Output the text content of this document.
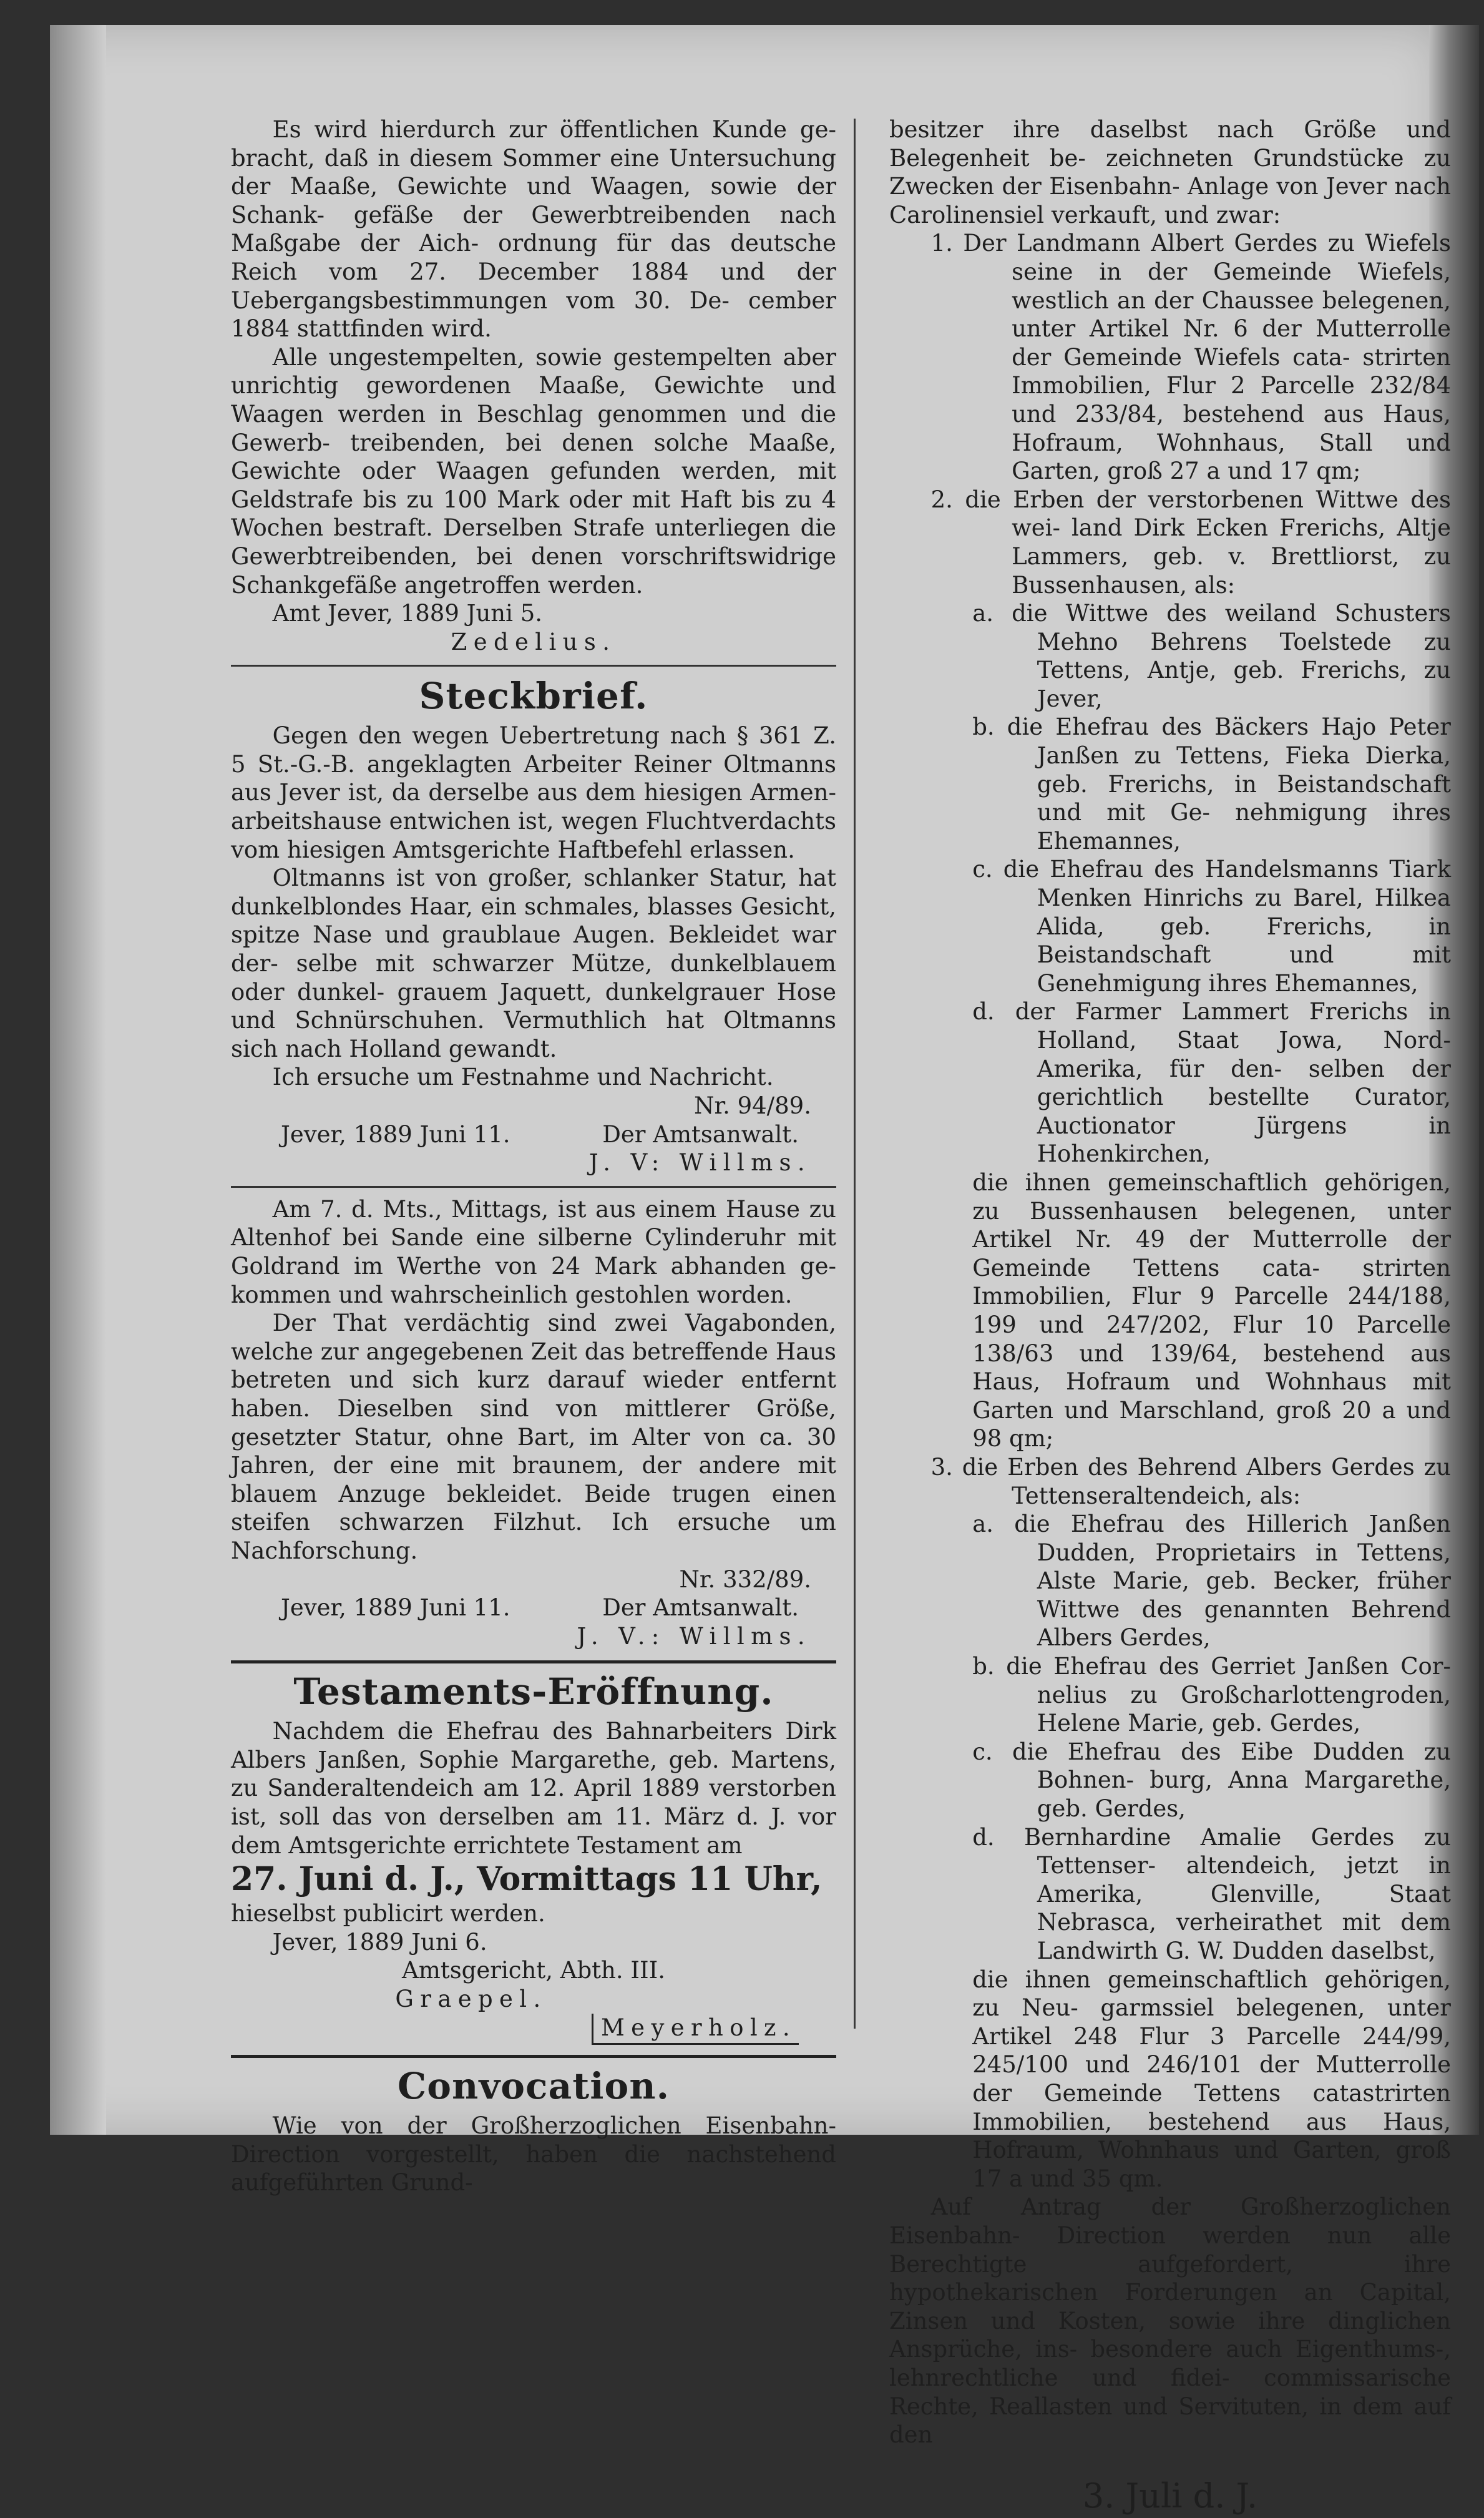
Es wird hierdurch zur öffentlichen Kunde ge- bracht, daß in diesem Sommer eine Untersuchung der Maaße, Gewichte und Waagen, sowie der Schank- gefäße der Gewerbtreibenden nach Maßgabe der Aich- ordnung für das deutsche Reich vom 27. December 1884 und der Uebergangsbestimmungen vom 30. De- cember 1884 stattfinden wird.

Alle ungestempelten, sowie gestempelten aber unrichtig gewordenen Maaße, Gewichte und Waagen werden in Beschlag genommen und die Gewerb- treibenden, bei denen solche Maaße, Gewichte oder Waagen gefunden werden, mit Geldstrafe bis zu 100 Mark oder mit Haft bis zu 4 Wochen bestraft. Derselben Strafe unterliegen die Gewerbtreibenden, bei denen vorschriftswidrige Schankgefäße angetroffen werden.

Amt Jever, 1889 Juni 5.

Zedelius.

Steckbrief.

Gegen den wegen Uebertretung nach § 361 Z. 5 St.-G.-B. angeklagten Arbeiter Reiner Oltmanns aus Jever ist, da derselbe aus dem hiesigen Armen- arbeitshause entwichen ist, wegen Fluchtverdachts vom hiesigen Amtsgerichte Haftbefehl erlassen.

Oltmanns ist von großer, schlanker Statur, hat dunkelblondes Haar, ein schmales, blasses Gesicht, spitze Nase und graublaue Augen. Bekleidet war der- selbe mit schwarzer Mütze, dunkelblauem oder dunkel- grauem Jaquett, dunkelgrauer Hose und Schnürschuhen. Vermuthlich hat Oltmanns sich nach Holland gewandt.

Ich ersuche um Festnahme und Nachricht.

Nr. 94/89.

Jever, 1889 Juni 11.	Der Amtsanwalt.

J. V: Willms.

Am 7. d. Mts., Mittags, ist aus einem Hause zu Altenhof bei Sande eine silberne Cylinderuhr mit Goldrand im Werthe von 24 Mark abhanden ge- kommen und wahrscheinlich gestohlen worden.

Der That verdächtig sind zwei Vagabonden, welche zur angegebenen Zeit das betreffende Haus betreten und sich kurz darauf wieder entfernt haben. Dieselben sind von mittlerer Größe, gesetzter Statur, ohne Bart, im Alter von ca. 30 Jahren, der eine mit braunem, der andere mit blauem Anzuge bekleidet. Beide trugen einen steifen schwarzen Filzhut. Ich ersuche um Nachforschung.

Nr. 332/89.

Jever, 1889 Juni 11.	Der Amtsanwalt.

J. V.: Willms.

Testaments-Eröffnung.

Nachdem die Ehefrau des Bahnarbeiters Dirk Albers Janßen, Sophie Margarethe, geb. Martens, zu Sanderaltendeich am 12. April 1889 verstorben ist, soll das von derselben am 11. März d. J. vor dem Amtsgerichte errichtete Testament am

27. Juni d. J., Vormittags 11 Uhr,

hieselbst publicirt werden.

Jever, 1889 Juni 6.

Amtsgericht, Abth. III.

Graepel.

Meyerholz.

Convocation.

Wie von der Großherzoglichen Eisenbahn-Direction vorgestellt, haben die nachstehend aufgeführten Grund-

besitzer ihre daselbst nach Größe und Belegenheit be- zeichneten Grundstücke zu Zwecken der Eisenbahn- Anlage von Jever nach Carolinensiel verkauft, und zwar:

1. Der Landmann Albert Gerdes zu Wiefels seine in der Gemeinde Wiefels, westlich an der Chaussee belegenen, unter Artikel Nr. 6 der Mutterrolle der Gemeinde Wiefels cata- strirten Immobilien, Flur 2 Parcelle 232/84 und 233/84, bestehend aus Haus, Hofraum, Wohnhaus, Stall und Garten, groß 27 a und 17 qm;

2. die Erben der verstorbenen Wittwe des wei- land Dirk Ecken Frerichs, Altje Lammers, geb. v. Brettliorst, zu Bussenhausen, als:

a. die Wittwe des weiland Schusters Mehno Behrens Toelstede zu Tettens, Antje, geb. Frerichs, zu Jever,

b. die Ehefrau des Bäckers Hajo Peter Janßen zu Tettens, Fieka Dierka, geb. Frerichs, in Beistandschaft und mit Ge- nehmigung ihres Ehemannes,

c. die Ehefrau des Handelsmanns Tiark Menken Hinrichs zu Barel, Hilkea Alida, geb. Frerichs, in Beistandschaft und mit Genehmigung ihres Ehemannes,

d. der Farmer Lammert Frerichs in Holland, Staat Jowa, Nord-Amerika, für den- selben der gerichtlich bestellte Curator, Auctionator Jürgens in Hohenkirchen,

die ihnen gemeinschaftlich gehörigen, zu Bussenhausen belegenen, unter Artikel Nr. 49 der Mutterrolle der Gemeinde Tettens cata- strirten Immobilien, Flur 9 Parcelle 244/188, 199 und 247/202, Flur 10 Parcelle 138/63 und 139/64, bestehend aus Haus, Hofraum und Wohnhaus mit Garten und Marschland, groß 20 a und 98 qm;

3. die Erben des Behrend Albers Gerdes zu Tettenseraltendeich, als:

a. die Ehefrau des Hillerich Janßen Dudden, Proprietairs in Tettens, Alste Marie, geb. Becker, früher Wittwe des genannten Behrend Albers Gerdes,

b. die Ehefrau des Gerriet Janßen Cor- nelius zu Großcharlottengroden, Helene Marie, geb. Gerdes,

c. die Ehefrau des Eibe Dudden zu Bohnen- burg, Anna Margarethe, geb. Gerdes,

d. Bernhardine Amalie Gerdes zu Tettenser- altendeich, jetzt in Amerika, Glenville, Staat Nebrasca, verheirathet mit dem Landwirth G. W. Dudden daselbst,

die ihnen gemeinschaftlich gehörigen, zu Neu- garmssiel belegenen, unter Artikel 248 Flur 3 Parcelle 244/99, 245/100 und 246/101 der Mutterrolle der Gemeinde Tettens catastrirten Immobilien, bestehend aus Haus, Hofraum, Wohnhaus und Garten, groß 17 a und 35 qm.

Auf Antrag der Großherzoglichen Eisenbahn- Direction werden nun alle Berechtigte aufgefordert, ihre hypothekarischen Forderungen an Capital, Zinsen und Kosten, sowie ihre dinglichen Ansprüche, ins- besondere auch Eigenthums-, lehnrechtliche und fidei- commissarische Rechte, Reallasten und Servituten, in dem auf den

3. Juli d. J.
